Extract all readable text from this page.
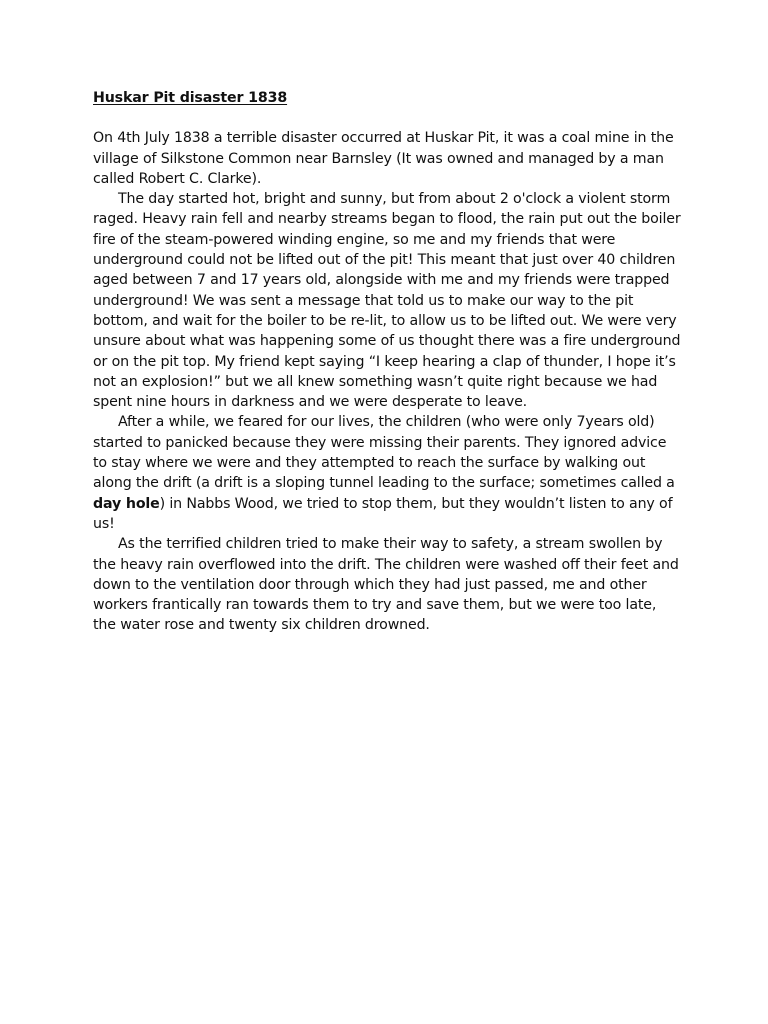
Huskar Pit disaster 1838

On 4th July 1838 a terrible disaster occurred at Huskar Pit, it was a coal mine in the village of Silkstone Common near Barnsley (It was owned and managed by a man called Robert C. Clarke).

The day started hot, bright and sunny, but from about 2 o'clock a violent storm raged. Heavy rain fell and nearby streams began to flood, the rain put out the boiler fire of the steam-powered winding engine, so me and my friends that were underground could not be lifted out of the pit! This meant that just over 40 children aged between 7 and 17 years old, alongside with me and my friends were trapped underground! We was sent a message that told us to make our way to the pit bottom, and wait for the boiler to be re-lit, to allow us to be lifted out. We were very unsure about what was happening some of us thought there was a fire underground or on the pit top. My friend kept saying “I keep hearing a clap of thunder, I hope it’s not an explosion!” but we all knew something wasn’t quite right because we had spent nine hours in darkness and we were desperate to leave.

After a while, we feared for our lives, the children (who were only 7years old) started to panicked because they were missing their parents. They ignored advice to stay where we were and they attempted to reach the surface by walking out along the drift (a drift is a sloping tunnel leading to the surface; sometimes called a day hole) in Nabbs Wood, we tried to stop them, but they wouldn’t listen to any of us!

As the terrified children tried to make their way to safety, a stream swollen by the heavy rain overflowed into the drift. The children were washed off their feet and down to the ventilation door through which they had just passed, me and other workers frantically ran towards them to try and save them, but we were too late, the water rose and twenty six children drowned.
